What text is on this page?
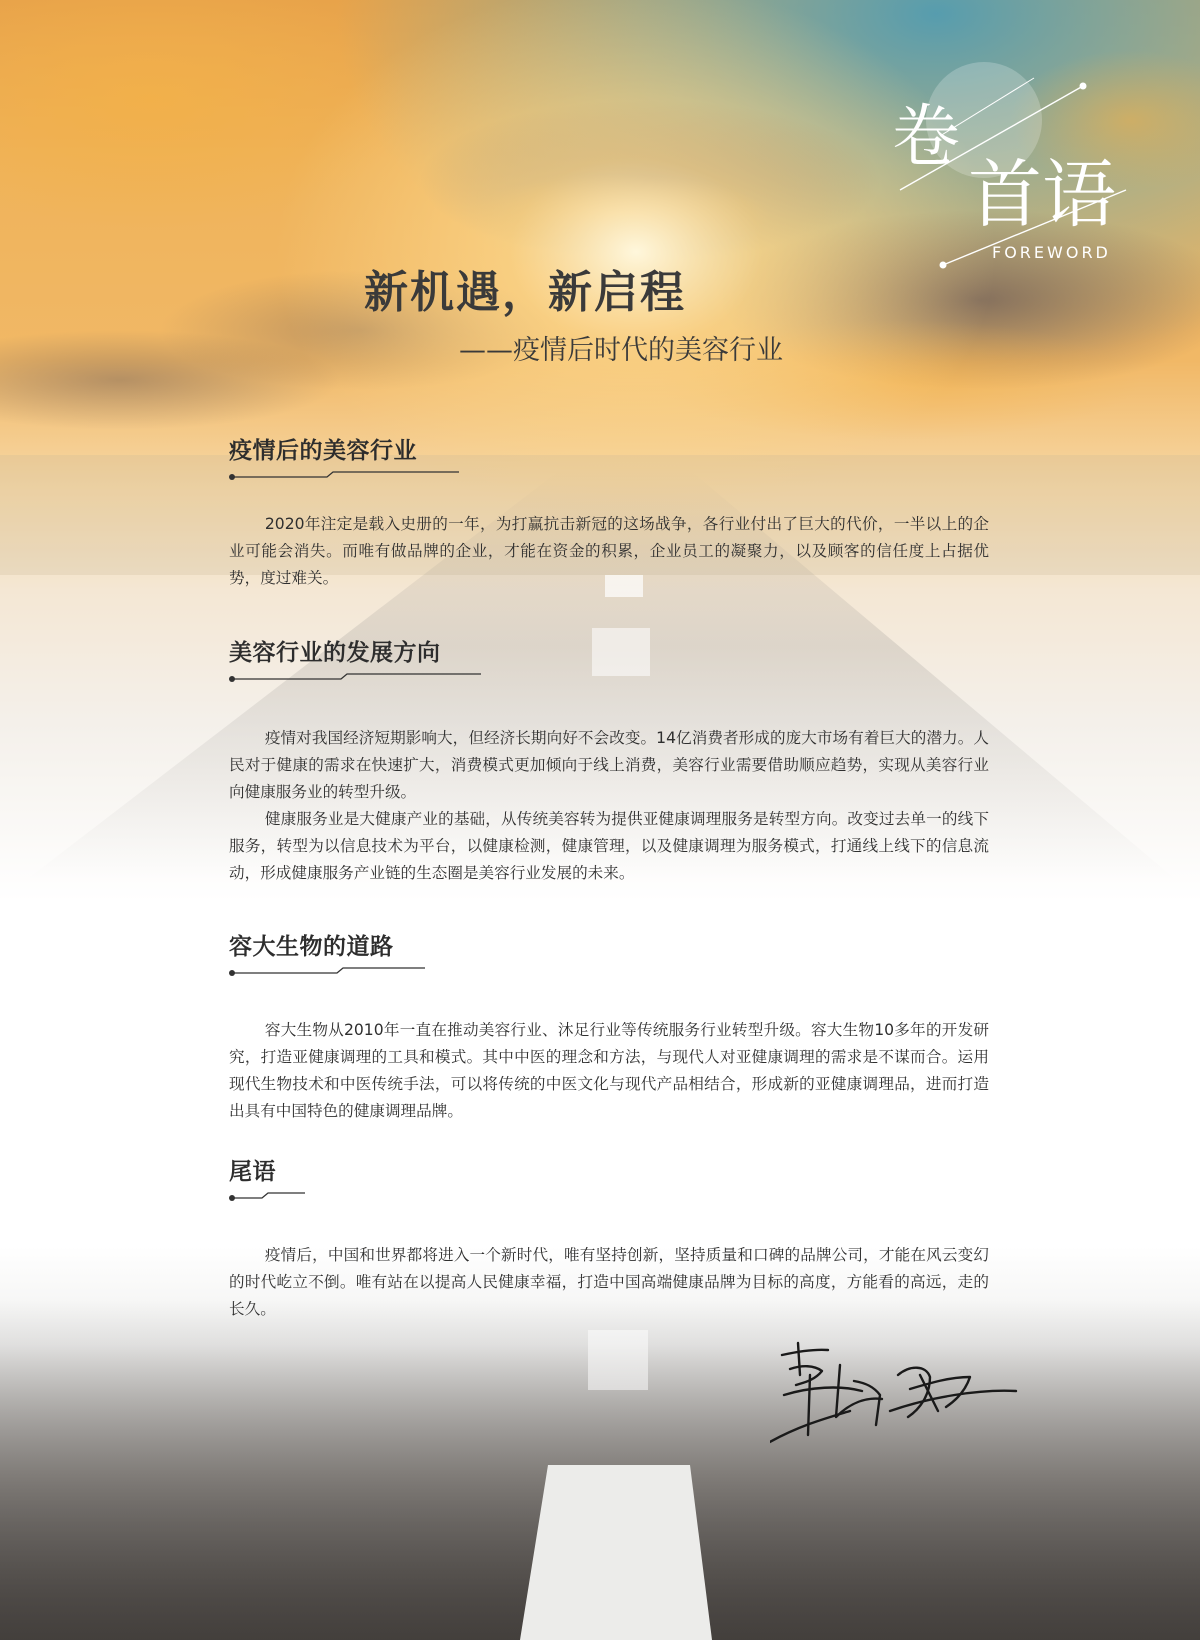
卷
首语
FOREWORD
新机遇，新启程
——疫情后时代的美容行业
疫情后的美容行业

2020年注定是载入史册的一年，为打赢抗击新冠的这场战争，各行业付出了巨大的代价，一半以上的企业可能会消失。而唯有做品牌的企业，才能在资金的积累，企业员工的凝聚力，以及顾客的信任度上占据优势，度过难关。

美容行业的发展方向

疫情对我国经济短期影响大，但经济长期向好不会改变。14亿消费者形成的庞大市场有着巨大的潜力。人民对于健康的需求在快速扩大，消费模式更加倾向于线上消费，美容行业需要借助顺应趋势，实现从美容行业向健康服务业的转型升级。

健康服务业是大健康产业的基础，从传统美容转为提供亚健康调理服务是转型方向。改变过去单一的线下服务，转型为以信息技术为平台，以健康检测，健康管理，以及健康调理为服务模式，打通线上线下的信息流动，形成健康服务产业链的生态圈是美容行业发展的未来。

容大生物的道路

容大生物从2010年一直在推动美容行业、沐足行业等传统服务行业转型升级。容大生物10多年的开发研究，打造亚健康调理的工具和模式。其中中医的理念和方法，与现代人对亚健康调理的需求是不谋而合。运用现代生物技术和中医传统手法，可以将传统的中医文化与现代产品相结合，形成新的亚健康调理品，进而打造出具有中国特色的健康调理品牌。

尾语

疫情后，中国和世界都将进入一个新时代，唯有坚持创新，坚持质量和口碑的品牌公司，才能在风云变幻的时代屹立不倒。唯有站在以提高人民健康幸福，打造中国高端健康品牌为目标的高度，方能看的高远，走的长久。
